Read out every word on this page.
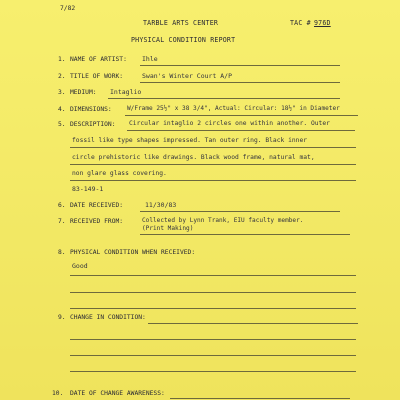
7/82
TARBLE ARTS CENTER	TAC # 976D
PHYSICAL CONDITION REPORT
1. NAME OF ARTIST: Ihle
2. TITLE OF WORK:	Swan's Winter Court A/P
3. MEDIUM: Intaglio
4. DIMENSIONS:	W/Frame 25½" x 38 3/4", Actual: Circular: 18½" in Diameter
5. DESCRIPTION: Circular intaglio 2 circles one within another. Outer
fossil like type shapes impressed. Tan outer ring. Black inner
circle prehistoric like drawings. Black wood frame, natural mat,
non glare glass covering.
83-149-1
6. DATE RECEIVED:	11/30/83
7. RECEIVED FROM:	Collected by Lynn Trank, EIU faculty member.
(Print Making)
8. PHYSICAL CONDITION WHEN RECEIVED:
Good
9. CHANGE IN CONDITION:
10. DATE OF CHANGE AWARENESS:
